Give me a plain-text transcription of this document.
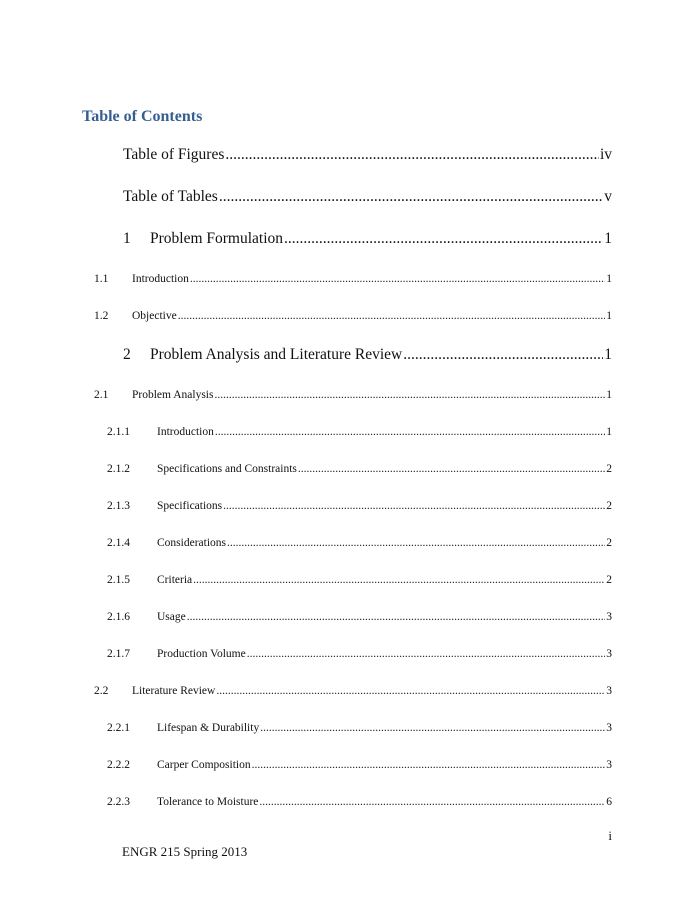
Table of Contents
Table of Figures .....	iv
Table of Tables .....	v
1	Problem Formulation .....	1
1.1	Introduction .....	1
1.2	Objective .....	1
2	Problem Analysis and Literature Review .....	1
2.1	Problem Analysis .....	1
2.1.1	Introduction .....	1
2.1.2	Specifications and Constraints .....	2
2.1.3	Specifications .....	2
2.1.4	Considerations .....	2
2.1.5	Criteria .....	2
2.1.6	Usage .....	3
2.1.7	Production Volume .....	3
2.2	Literature Review .....	3
2.2.1	Lifespan & Durability .....	3
2.2.2	Carper Composition .....	3
2.2.3	Tolerance to Moisture .....	6
i
ENGR 215 Spring 2013
